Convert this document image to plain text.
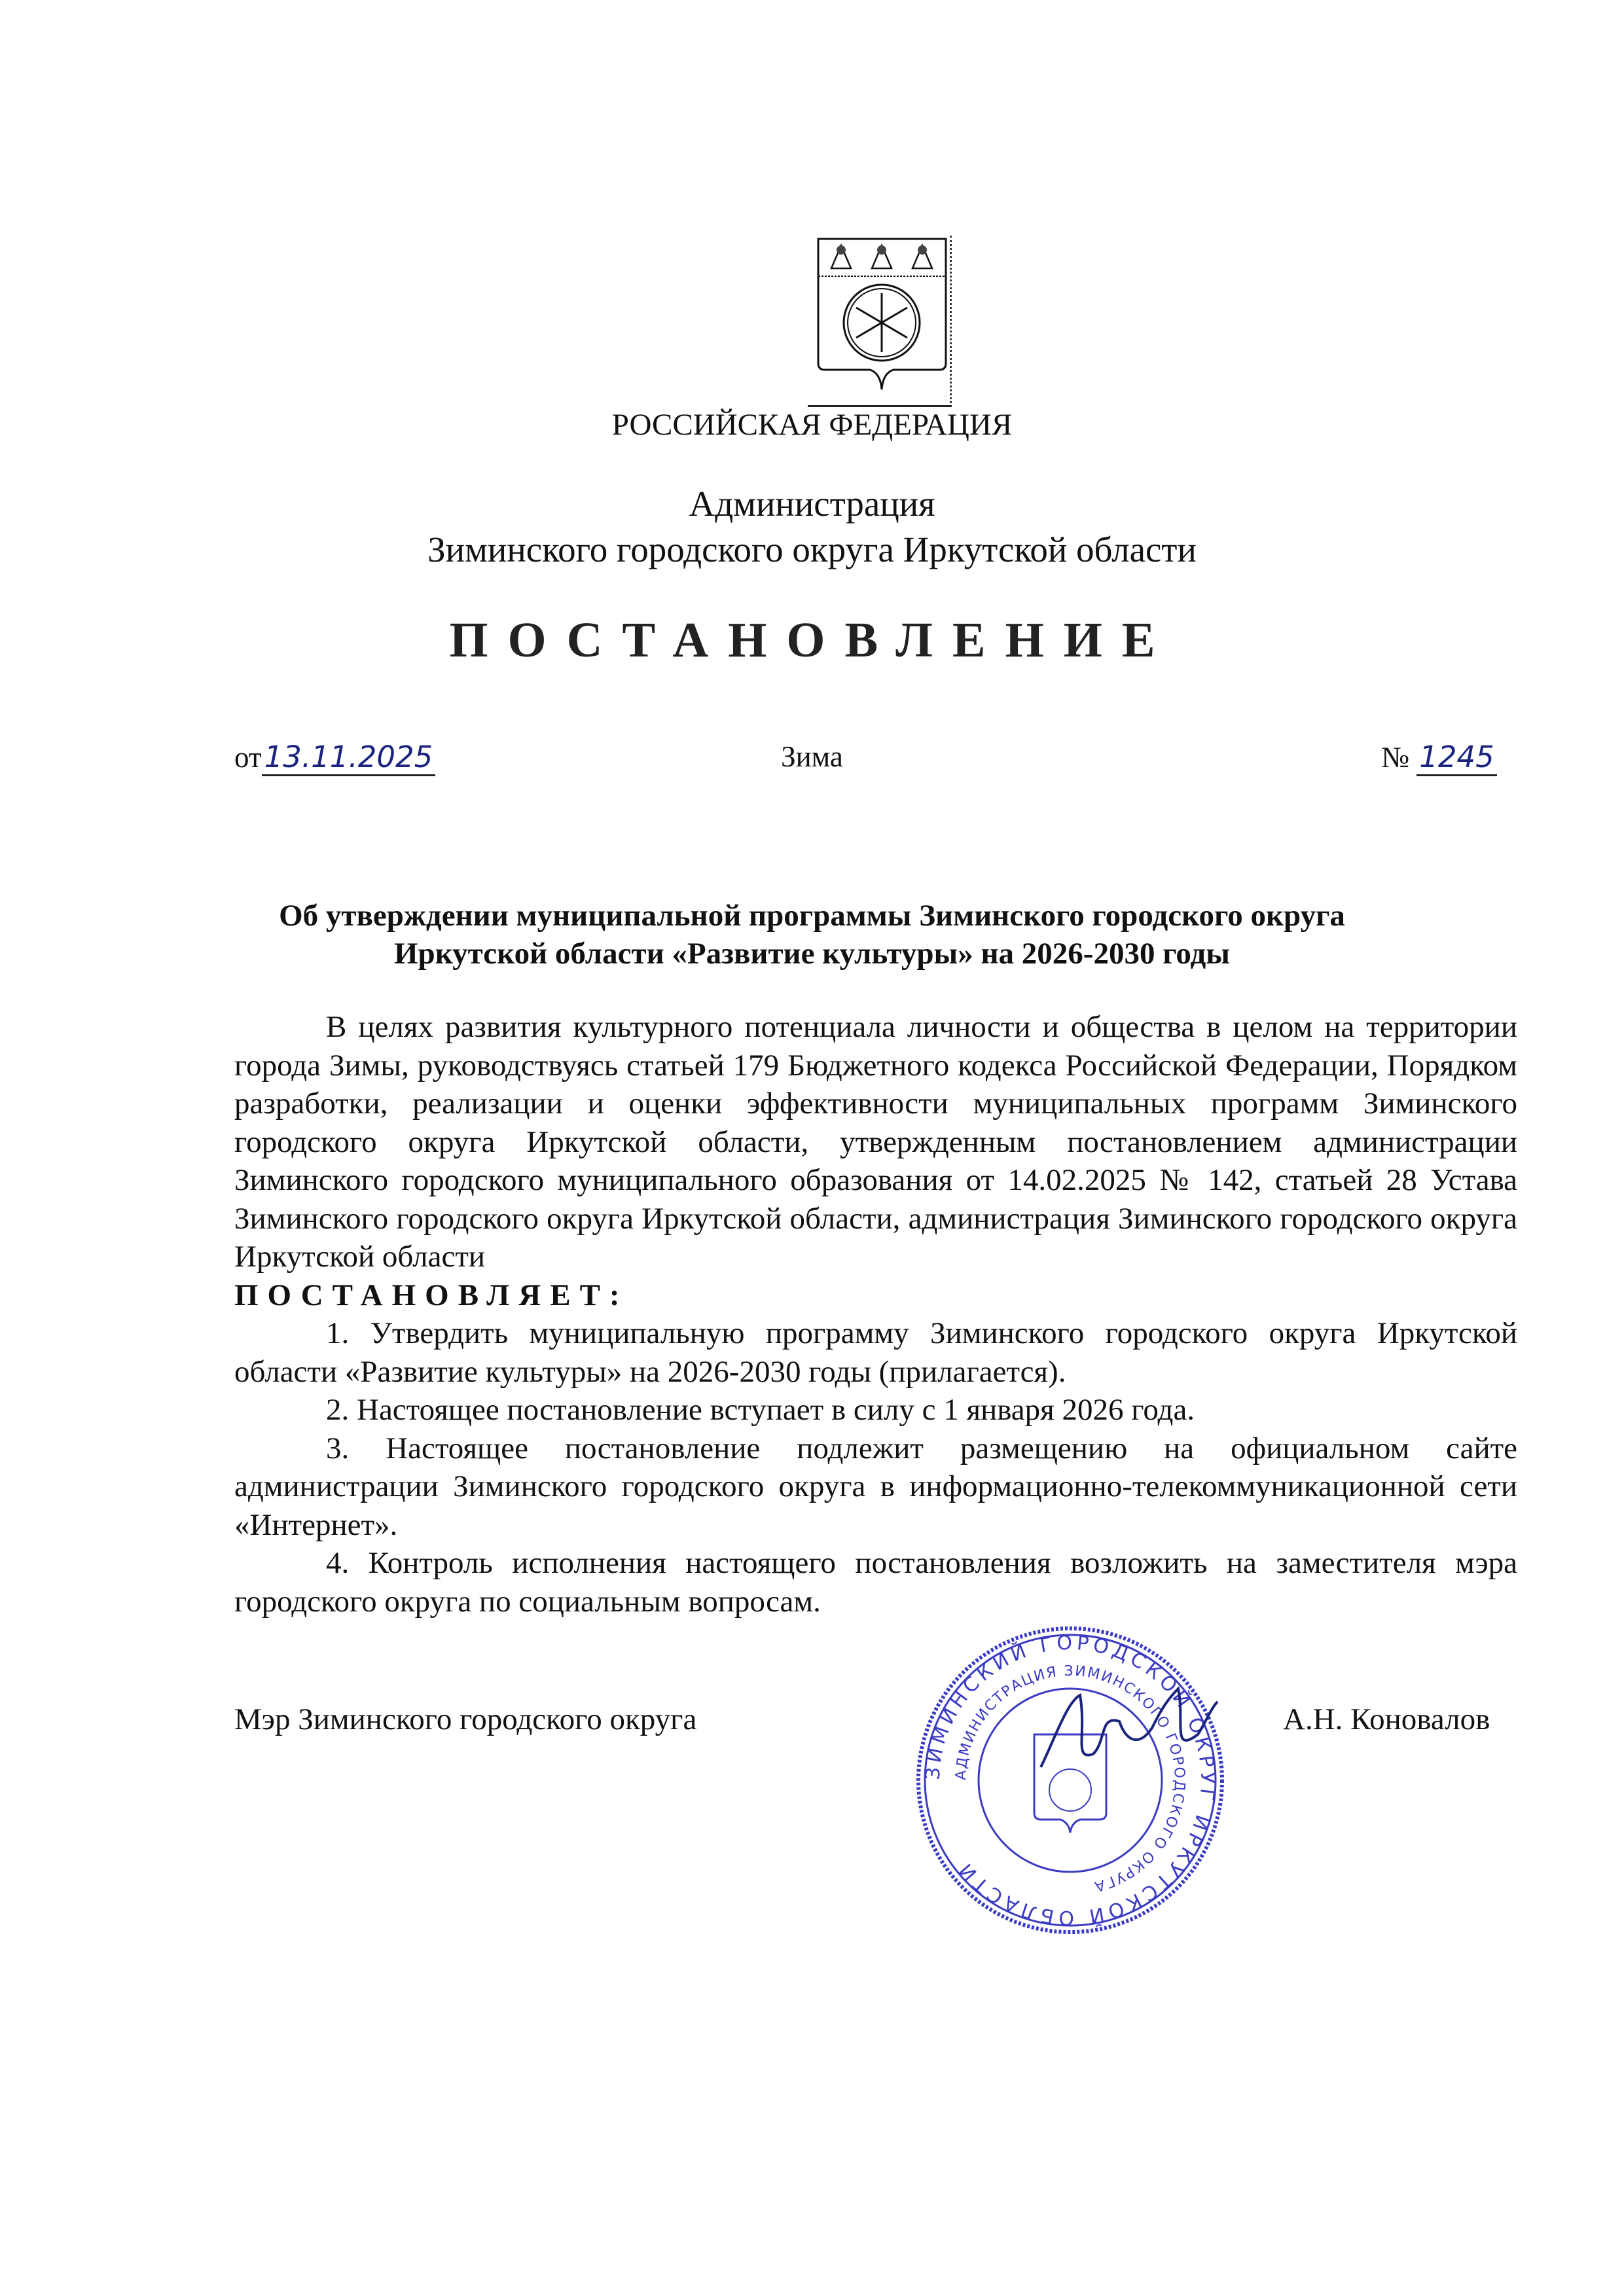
РОССИЙСКАЯ ФЕДЕРАЦИЯ
Администрация
Зиминского городского округа Иркутской области
ПОСТАНОВЛЕНИЕ
от13.11.2025	Зима	№ 1245
Об утверждении муниципальной программы Зиминского городского округа
Иркутской области «Развитие культуры» на 2026-2030 годы

В целях развития культурного потенциала личности и общества в целом на территории города Зимы, руководствуясь статьей 179 Бюджетного кодекса Российской Федерации, Порядком разработки, реализации и оценки эффективности муниципальных программ Зиминского городского округа Иркутской области, утвержденным постановлением администрации Зиминского городского муниципального образования от 14.02.2025 № 142, статьей 28 Устава Зиминского городского округа Иркутской области, администрация Зиминского городского округа Иркутской области

ПОСТАНОВЛЯЕТ:

1. Утвердить муниципальную программу Зиминского городского округа Иркутской области «Развитие культуры» на 2026-2030 годы (прилагается).

2. Настоящее постановление вступает в силу с 1 января 2026 года.

3. Настоящее постановление подлежит размещению на официальном сайте администрации Зиминского городского округа в информационно-телекоммуникационной сети «Интернет».

4. Контроль исполнения настоящего постановления возложить на заместителя мэра городского округа по социальным вопросам.

Мэр Зиминского городского округа
ЗИМИНСКИЙ ГОРОДСКОЙ ОКРУГ ИРКУТСКОЙ ОБЛАСТИ
АДМИНИСТРАЦИЯ ЗИМИНСКОГО ГОРОДСКОГО ОКРУГА
А.Н. Коновалов
